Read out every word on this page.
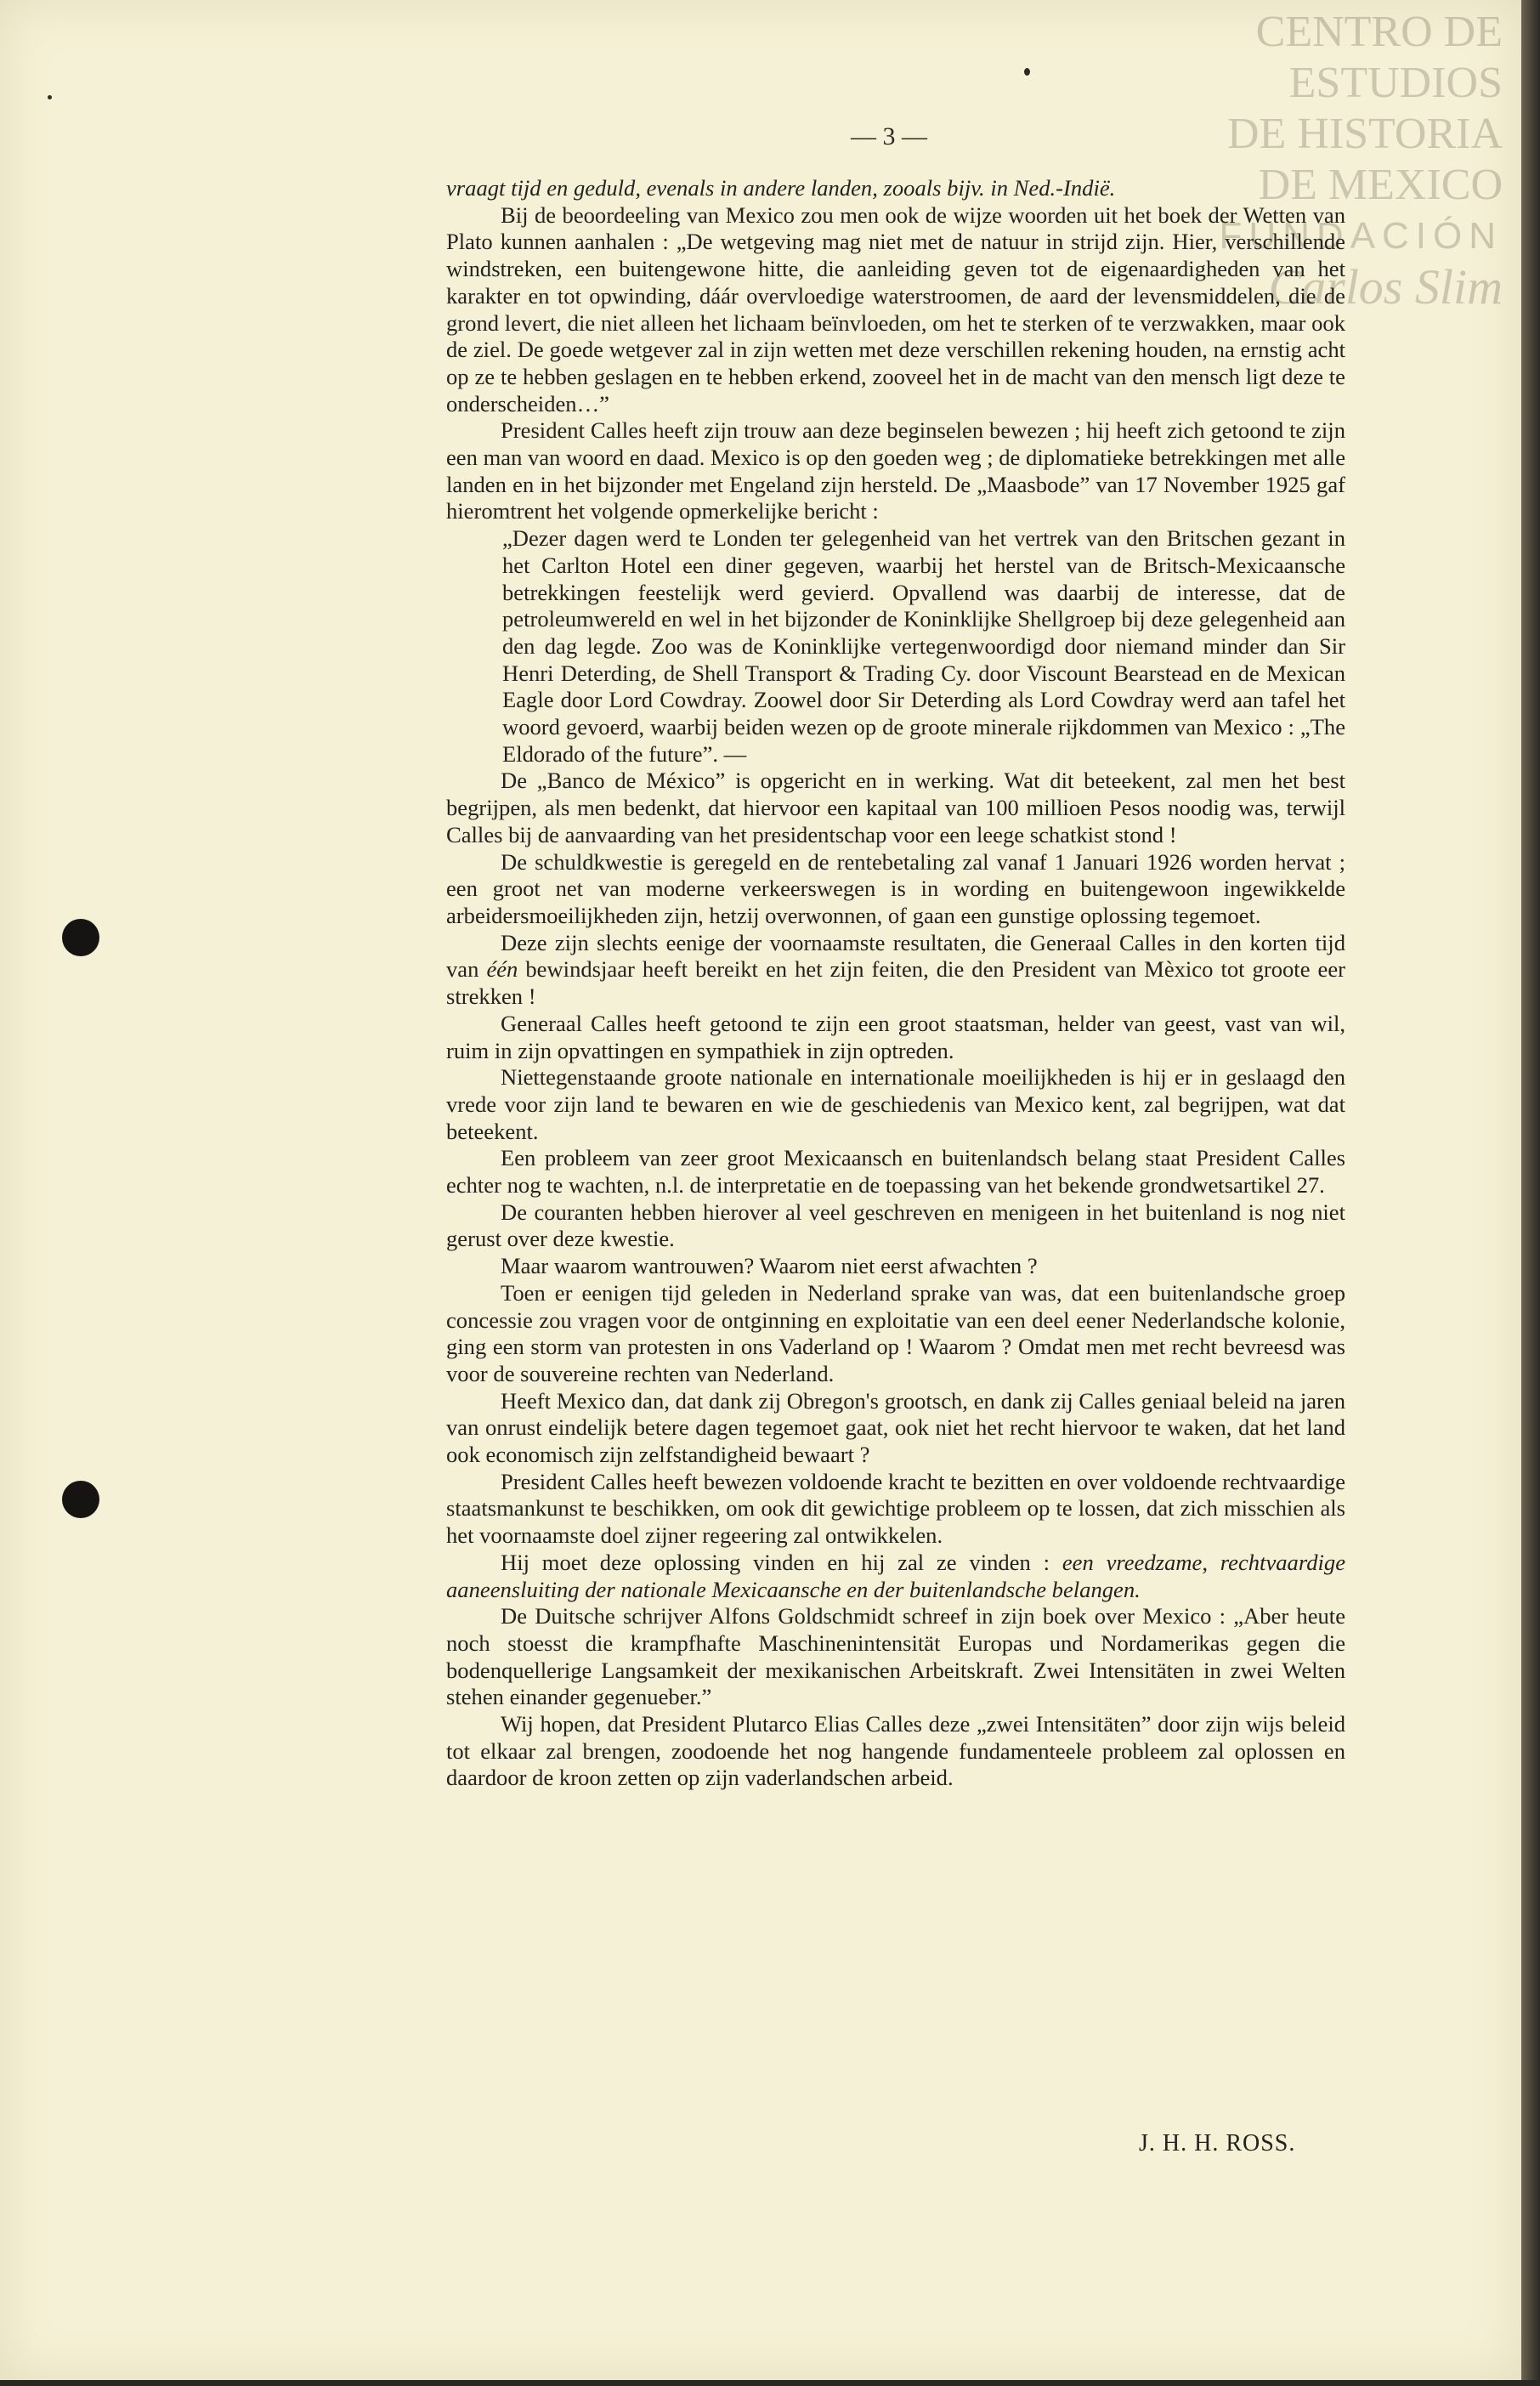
CENTRO DE
ESTUDIOS
DE HISTORIA
DE MEXICO
FUNDACIÓN
Carlos Slim
— 3 —

vraagt tijd en geduld, evenals in andere landen, zooals bijv. in Ned.-Indië.

Bij de beoordeeling van Mexico zou men ook de wijze woorden uit het boek der Wetten van Plato kunnen aanhalen : „De wetgeving mag niet met de natuur in strijd zijn. Hier, verschillende windstreken, een buitengewone hitte, die aanleiding geven tot de eigenaardigheden van het karakter en tot opwinding, dáár overvloedige waterstroomen, de aard der levensmiddelen, die de grond levert, die niet alleen het lichaam beïnvloeden, om het te sterken of te verzwakken, maar ook de ziel. De goede wetgever zal in zijn wetten met deze verschillen rekening houden, na ernstig acht op ze te hebben geslagen en te hebben erkend, zooveel het in de macht van den mensch ligt deze te onderscheiden…”

President Calles heeft zijn trouw aan deze beginselen bewezen ; hij heeft zich getoond te zijn een man van woord en daad. Mexico is op den goeden weg ; de diplomatieke betrekkingen met alle landen en in het bijzonder met Engeland zijn hersteld. De „Maasbode” van 17 November 1925 gaf hieromtrent het volgende opmerkelijke bericht :

„Dezer dagen werd te Londen ter gelegenheid van het vertrek van den Britschen gezant in het Carlton Hotel een diner gegeven, waarbij het herstel van de Britsch-Mexicaansche betrekkingen feestelijk werd gevierd. Opvallend was daarbij de interesse, dat de petroleumwereld en wel in het bijzonder de Koninklijke Shellgroep bij deze gelegenheid aan den dag legde. Zoo was de Koninklijke vertegenwoordigd door niemand minder dan Sir Henri Deterding, de Shell Transport & Trading Cy. door Viscount Bearstead en de Mexican Eagle door Lord Cowdray. Zoowel door Sir Deterding als Lord Cowdray werd aan tafel het woord gevoerd, waarbij beiden wezen op de groote minerale rijkdommen van Mexico : „The Eldorado of the future”. —

De „Banco de México” is opgericht en in werking. Wat dit beteekent, zal men het best begrijpen, als men bedenkt, dat hiervoor een kapitaal van 100 millioen Pesos noodig was, terwijl Calles bij de aanvaarding van het presidentschap voor een leege schatkist stond !

De schuldkwestie is geregeld en de rentebetaling zal vanaf 1 Januari 1926 worden hervat ; een groot net van moderne verkeerswegen is in wording en buitengewoon ingewikkelde arbeidersmoeilijkheden zijn, hetzij overwonnen, of gaan een gunstige oplossing tegemoet.

Deze zijn slechts eenige der voornaamste resultaten, die Generaal Calles in den korten tijd van één bewindsjaar heeft bereikt en het zijn feiten, die den President van Mèxico tot groote eer strekken !

Generaal Calles heeft getoond te zijn een groot staatsman, helder van geest, vast van wil, ruim in zijn opvattingen en sympathiek in zijn optreden.

Niettegenstaande groote nationale en internationale moeilijkheden is hij er in geslaagd den vrede voor zijn land te bewaren en wie de geschiedenis van Mexico kent, zal begrijpen, wat dat beteekent.

Een probleem van zeer groot Mexicaansch en buitenlandsch belang staat President Calles echter nog te wachten, n.l. de interpretatie en de toepassing van het bekende grondwetsartikel 27.

De couranten hebben hierover al veel geschreven en menigeen in het buitenland is nog niet gerust over deze kwestie.

Maar waarom wantrouwen? Waarom niet eerst afwachten ?

Toen er eenigen tijd geleden in Nederland sprake van was, dat een buitenlandsche groep concessie zou vragen voor de ontginning en exploitatie van een deel eener Nederlandsche kolonie, ging een storm van protesten in ons Vaderland op ! Waarom ? Omdat men met recht bevreesd was voor de souvereine rechten van Nederland.

Heeft Mexico dan, dat dank zij Obregon's grootsch, en dank zij Calles geniaal beleid na jaren van onrust eindelijk betere dagen tegemoet gaat, ook niet het recht hiervoor te waken, dat het land ook economisch zijn zelfstandigheid bewaart ?

President Calles heeft bewezen voldoende kracht te bezitten en over voldoende rechtvaardige staatsmankunst te beschikken, om ook dit gewichtige probleem op te lossen, dat zich misschien als het voornaamste doel zijner regeering zal ontwikkelen.

Hij moet deze oplossing vinden en hij zal ze vinden : een vreedzame, rechtvaardige aaneensluiting der nationale Mexicaansche en der buitenlandsche belangen.

De Duitsche schrijver Alfons Goldschmidt schreef in zijn boek over Mexico : „Aber heute noch stoesst die krampfhafte Maschinenintensität Europas und Nordamerikas gegen die bodenquellerige Langsamkeit der mexikanischen Arbeitskraft. Zwei Intensitäten in zwei Welten stehen einander gegenueber.”

Wij hopen, dat President Plutarco Elias Calles deze „zwei Intensitäten” door zijn wijs beleid tot elkaar zal brengen, zoodoende het nog hangende fundamenteele probleem zal oplossen en daardoor de kroon zetten op zijn vaderlandschen arbeid.

J. H. H. ROSS.
